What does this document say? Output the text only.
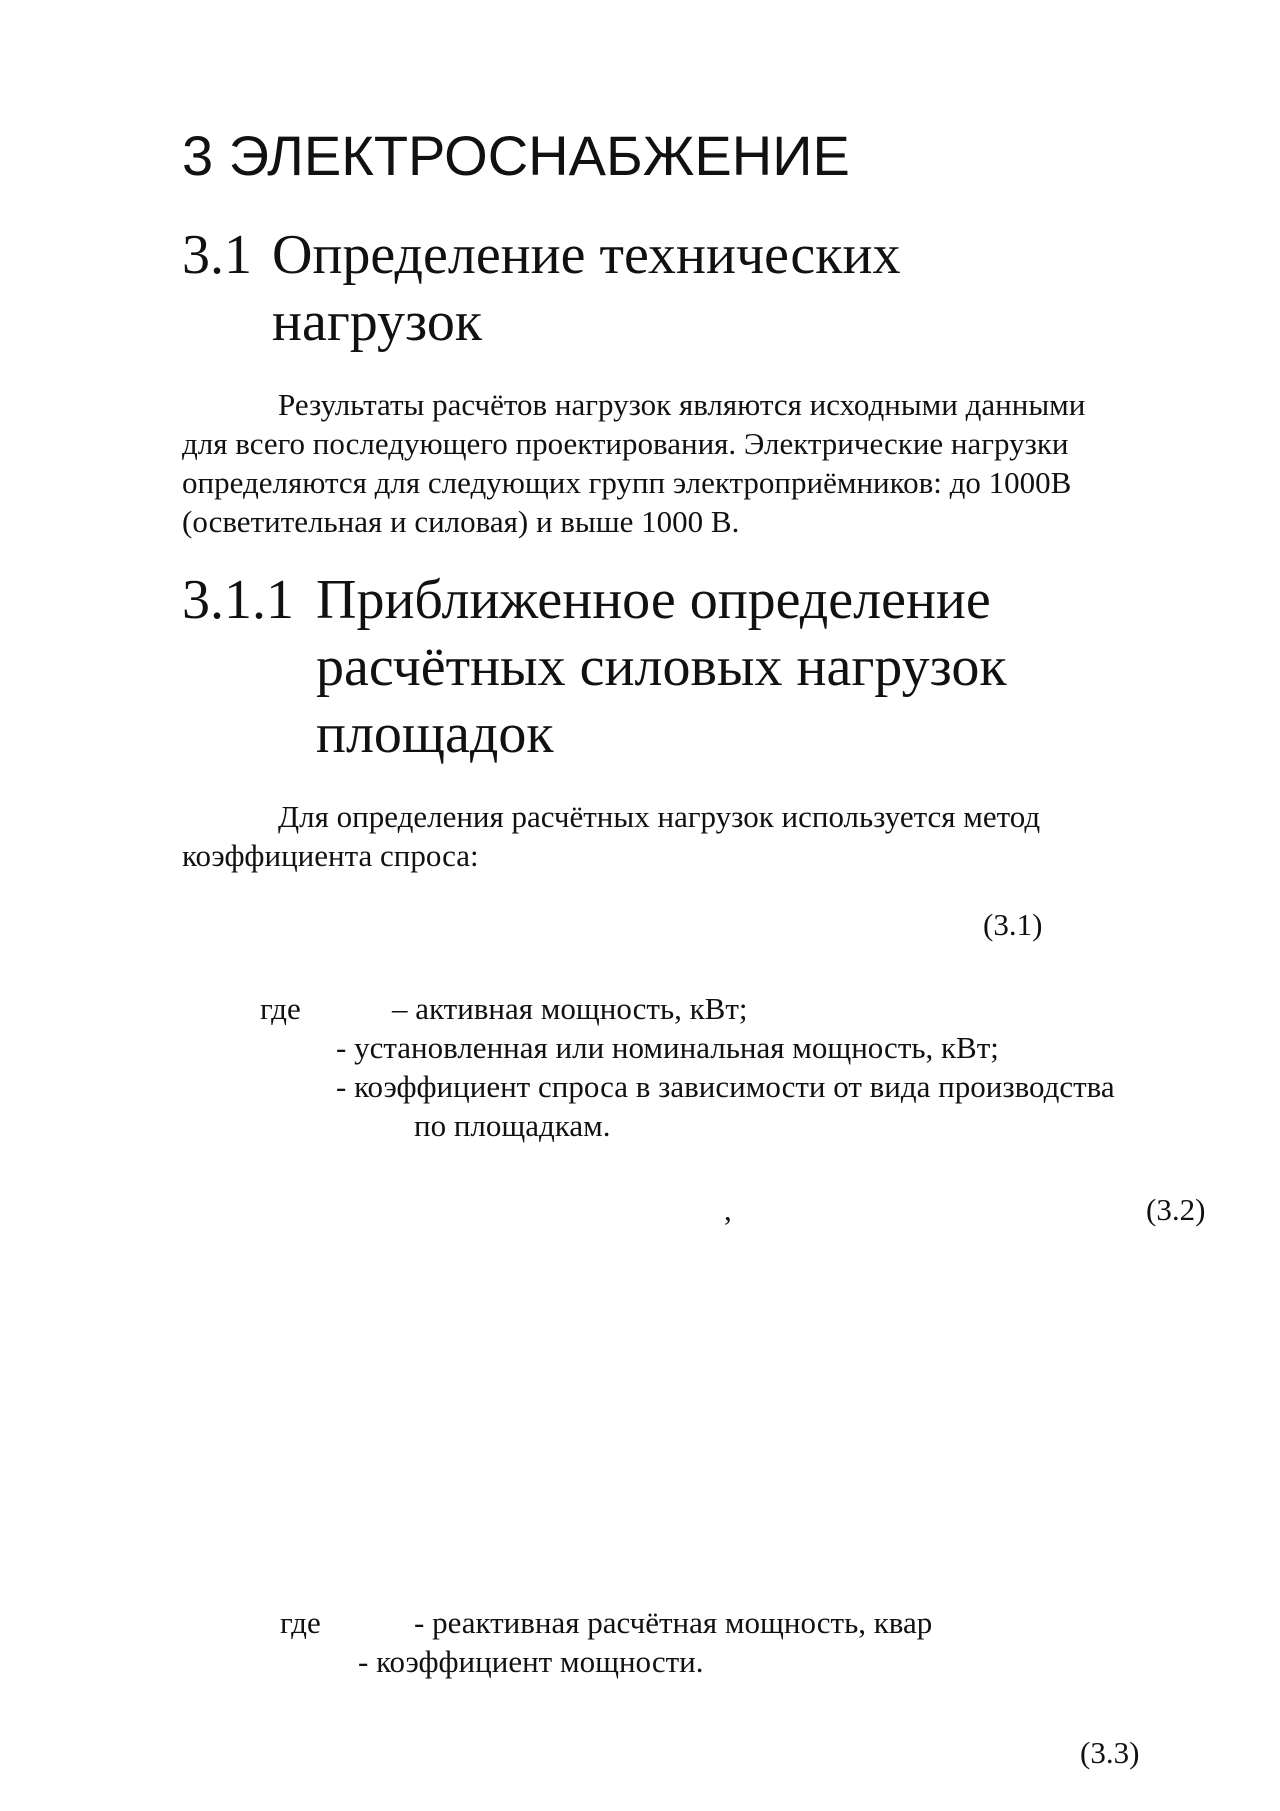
3 ЭЛЕКТРОСНАБЖЕНИЕ
3.1 Определение технических
нагрузок
Результаты расчётов нагрузок являются исходными данными
для всего последующего проектирования. Электрические нагрузки
определяются для следующих групп электроприёмников: до 1000В
(осветительная и силовая) и выше 1000 В.
3.1.1 Приближенное определение
расчётных силовых нагрузок
площадок
Для определения расчётных нагрузок используется метод
коэффициента спроса:
(3.1)
где	– активная мощность, кВт;
- установленная или номинальная мощность, кВт;
- коэффициент спроса в зависимости от вида производства
по площадкам.
,	(3.2)
где	- реактивная расчётная мощность, квар
- коэффициент мощности.
(3.3)
